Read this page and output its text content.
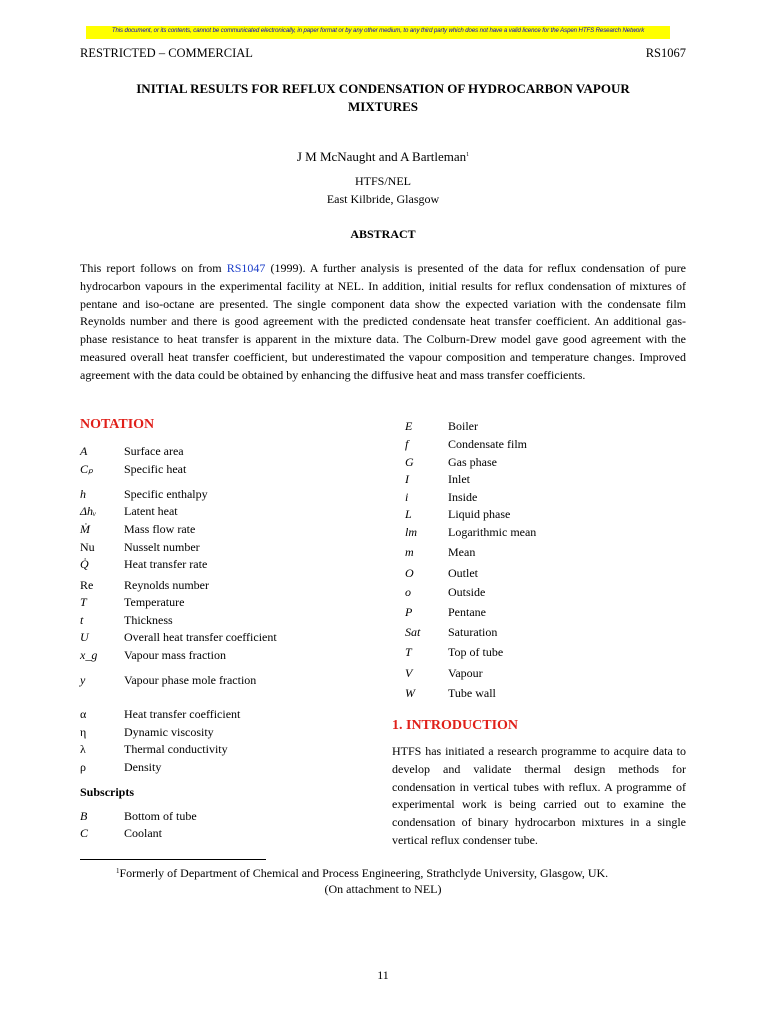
This document, or its contents, cannot be communicated electronically, in paper format or by any other medium, to any third party which does not have a valid licence for the Aspen HTFS Research Network
RESTRICTED – COMMERCIAL	RS1067
INITIAL RESULTS FOR REFLUX CONDENSATION OF HYDROCARBON VAPOUR
MIXTURES
J M McNaught and A Bartleman$^1$
HTFS/NEL
East Kilbride, Glasgow
ABSTRACT
This report follows on from RS1047 (1999). A further analysis is presented of the data for reflux condensation of pure hydrocarbon vapours in the experimental facility at NEL. In addition, initial results for reflux condensation of mixtures of pentane and iso-octane are presented. The single component data show the expected variation with the condensate film Reynolds number and there is good agreement with the predicted condensate heat transfer coefficient. An additional gas-phase resistance to heat transfer is apparent in the mixture data. The Colburn-Drew model gave good agreement with the measured overall heat transfer coefficient, but underestimated the vapour composition and temperature changes. Improved agreement with the data could be obtained by enhancing the diffusive heat and mass transfer coefficients.
NOTATION
A	Surface area
Cₚ	Specific heat
h	Specific enthalpy
Δhᵥ Latent heat
Ṁ	Mass flow rate
Nu Nusselt number
Q̇	Heat transfer rate
Re	Reynolds number
T	Temperature
t	Thickness
U	Overall heat transfer coefficient
x_g Vapour mass fraction
y	Vapour phase mole fraction
α	Heat transfer coefficient
η	Dynamic viscosity
λ	Thermal conductivity
ρ	Density
Subscripts
B	Bottom of tube
C	Coolant
E	Boiler
f	Condensate film
G	Gas phase
I	Inlet
i	Inside
L	Liquid phase
lm	Logarithmic mean
m	Mean
O	Outlet
o	Outside
P	Pentane
Sat Saturation
T	Top of tube
V	Vapour
W	Tube wall
1. INTRODUCTION
HTFS has initiated a research programme to acquire data to develop and validate thermal design methods for condensation in vertical tubes with reflux. A programme of experimental work is being carried out to examine the condensation of binary hydrocarbon mixtures in a single vertical reflux condenser tube.
$^1$Formerly of Department of Chemical and Process Engineering, Strathclyde University, Glasgow, UK.
(On attachment to NEL)
11
